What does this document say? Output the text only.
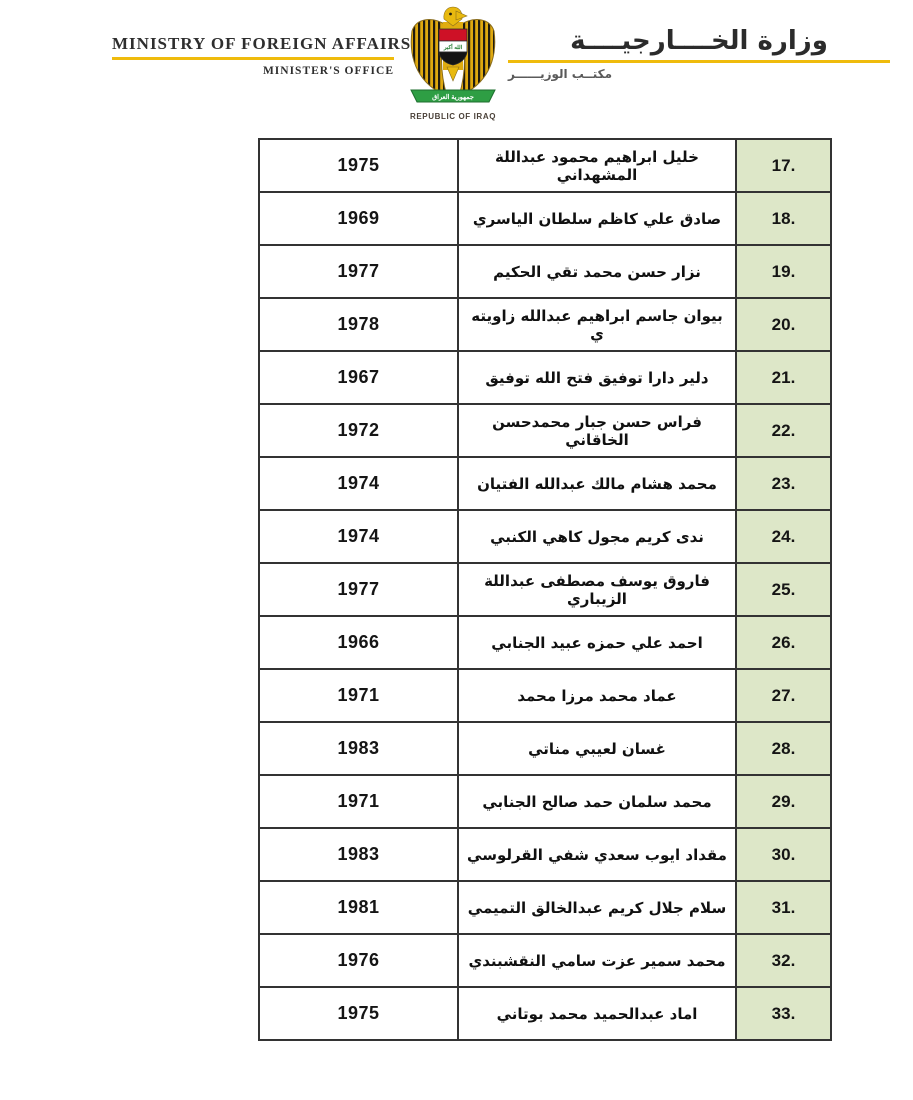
MINISTRY OF FOREIGN AFFAIRS
MINISTER'S OFFICE
الله أكبر
جمهورية العراق
REPUBLIC OF IRAQ
وزارة الخــــارجيــــة
مكتــب الوزيــــــر
1975	خليل ابراهيم محمود عبداللة المشهداني	17.
1969	صادق علي كاظم سلطان الياسري	18.
1977	نزار حسن محمد تقي الحكيم	19.
1978	بيوان جاسم ابراهيم عبدالله زاويته ي	20.
1967	دلير دارا توفيق فتح الله توفيق	21.
1972	فراس حسن جبار محمدحسن الخاقاني	22.
1974	محمد هشام مالك عبدالله الفتيان	23.
1974	ندى كريم مجول كاهي الكنبي	24.
1977	فاروق يوسف مصطفى عبداللة الزيباري	25.
1966	احمد علي حمزه عبيد الجنابي	26.
1971	عماد محمد مرزا محمد	27.
1983	غسان لعيبي مناتي	28.
1971	محمد سلمان حمد صالح الجنابي	29.
1983	مقداد ايوب سعدي شفي القرلوسي	30.
1981	سلام جلال كريم عبدالخالق التميمي	31.
1976	محمد سمير عزت سامي النقشبندي	32.
1975	اماد عبدالحميد محمد بوتاني	33.
